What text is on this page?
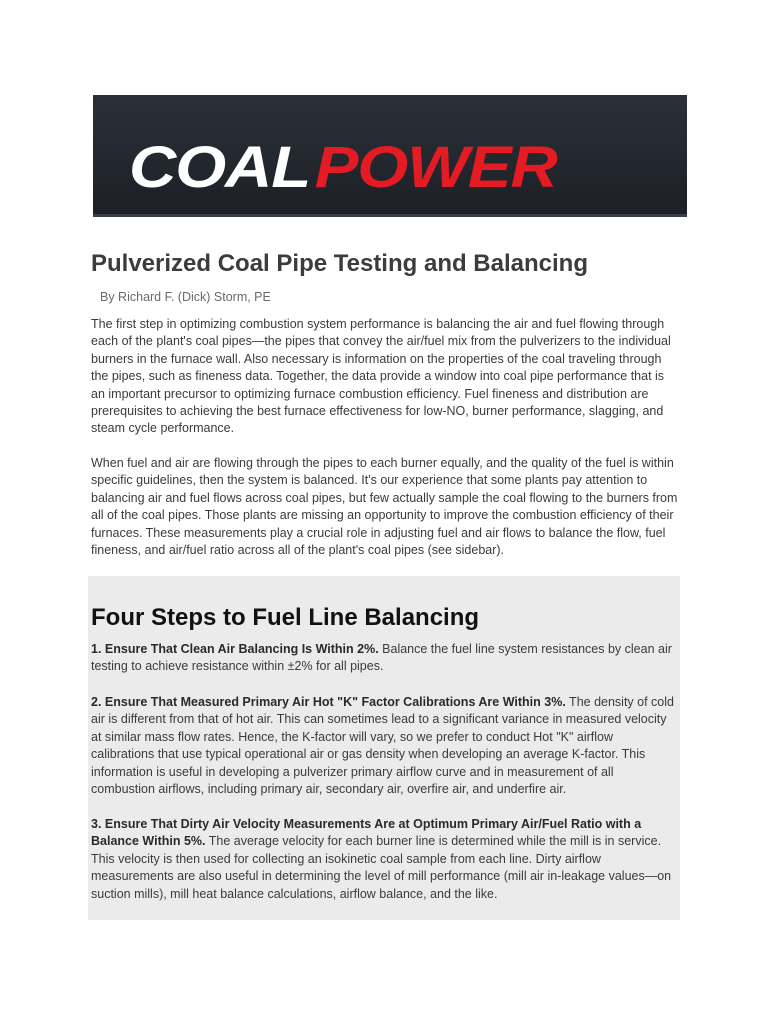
COALPOWER
Pulverized Coal Pipe Testing and Balancing
By Richard F. (Dick) Storm, PE

The first step in optimizing combustion system performance is balancing the air and fuel flowing through each of the plant's coal pipes—the pipes that convey the air/fuel mix from the pulverizers to the individual burners in the furnace wall. Also necessary is information on the properties of the coal traveling through the pipes, such as fineness data. Together, the data provide a window into coal pipe performance that is an important precursor to optimizing furnace combustion efficiency. Fuel fineness and distribution are prerequisites to achieving the best furnace effectiveness for low-NO, burner performance, slagging, and steam cycle performance.

When fuel and air are flowing through the pipes to each burner equally, and the quality of the fuel is within specific guidelines, then the system is balanced. It's our experience that some plants pay attention to balancing air and fuel flows across coal pipes, but few actually sample the coal flowing to the burners from all of the coal pipes. Those plants are missing an opportunity to improve the combustion efficiency of their furnaces. These measurements play a crucial role in adjusting fuel and air flows to balance the flow, fuel fineness, and air/fuel ratio across all of the plant's coal pipes (see sidebar).

Four Steps to Fuel Line Balancing

1. Ensure That Clean Air Balancing Is Within 2%. Balance the fuel line system resistances by clean air testing to achieve resistance within ±2% for all pipes.

2. Ensure That Measured Primary Air Hot "K" Factor Calibrations Are Within 3%. The density of cold air is different from that of hot air. This can sometimes lead to a significant variance in measured velocity at similar mass flow rates. Hence, the K-factor will vary, so we prefer to conduct Hot "K" airflow calibrations that use typical operational air or gas density when developing an average K-factor. This information is useful in developing a pulverizer primary airflow curve and in measurement of all combustion airflows, including primary air, secondary air, overfire air, and underfire air.

3. Ensure That Dirty Air Velocity Measurements Are at Optimum Primary Air/Fuel Ratio with a Balance Within 5%. The average velocity for each burner line is determined while the mill is in service. This velocity is then used for collecting an isokinetic coal sample from each line. Dirty airflow measurements are also useful in determining the level of mill performance (mill air in-leakage values—on suction mills), mill heat balance calculations, airflow balance, and the like.
